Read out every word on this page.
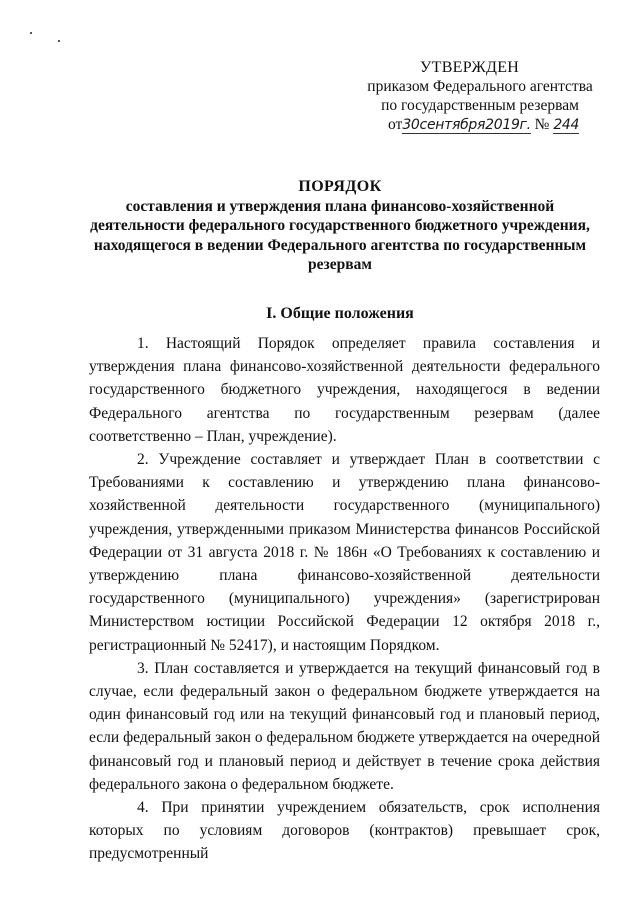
УТВЕРЖДЕН
приказом Федерального агентства
по государственным резервам
от30сентября2019г. № 244
ПОРЯДОК
составления и утверждения плана финансово-хозяйственной деятельности федерального государственного бюджетного учреждения, находящегося в ведении Федерального агентства по государственным резервам
I. Общие положения

1. Настоящий Порядок определяет правила составления и утверждения плана финансово-хозяйственной деятельности федерального государственного бюджетного учреждения, находящегося в ведении Федерального агентства по государственным резервам (далее соответственно – План, учреждение).

2. Учреждение составляет и утверждает План в соответствии с Требованиями к составлению и утверждению плана финансово-хозяйственной деятельности государственного (муниципального) учреждения, утвержденными приказом Министерства финансов Российской Федерации от 31 августа 2018 г. № 186н «О Требованиях к составлению и утверждению плана финансово-хозяйственной деятельности государственного (муниципального) учреждения» (зарегистрирован Министерством юстиции Российской Федерации 12 октября 2018 г., регистрационный № 52417), и настоящим Порядком.

3. План составляется и утверждается на текущий финансовый год в случае, если федеральный закон о федеральном бюджете утверждается на один финансовый год или на текущий финансовый год и плановый период, если федеральный закон о федеральном бюджете утверждается на очередной финансовый год и плановый период и действует в течение срока действия федерального закона о федеральном бюджете.

4. При принятии учреждением обязательств, срок исполнения которых по условиям договоров (контрактов) превышает срок, предусмотренный
